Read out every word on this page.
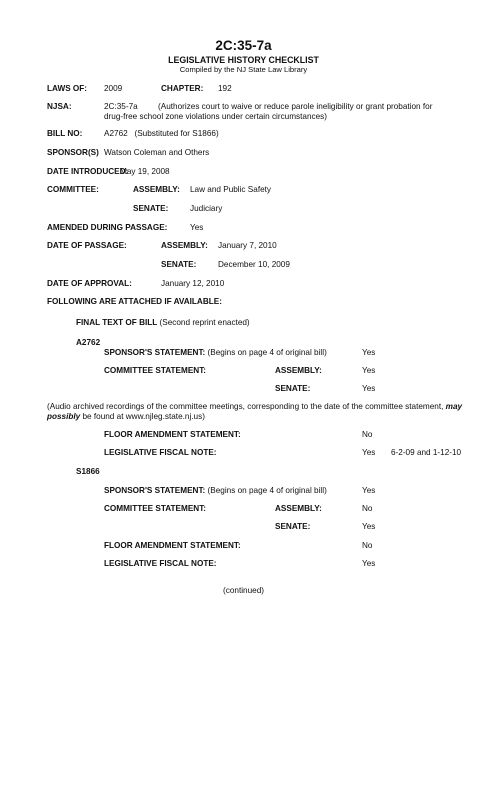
2C:35-7a
LEGISLATIVE HISTORY CHECKLIST
Compiled by the NJ State Law Library
LAWS OF: 2009	CHAPTER: 192
NJSA:	2C:35-7a	(Authorizes court to waive or reduce parole ineligibility or grant probation for drug-free school zone violations under certain circumstances)
BILL NO:	A2762   (Substituted for S1866)
SPONSOR(S) Watson Coleman and Others
DATE INTRODUCED:
May 19, 2008
COMMITTEE:	ASSEMBLY: Law and Public Safety
SENATE:	Judiciary
AMENDED DURING PASSAGE:	Yes
DATE OF PASSAGE:	ASSEMBLY: January 7, 2010
SENATE:	December 10, 2009
DATE OF APPROVAL:	January 12, 2010
FOLLOWING ARE ATTACHED IF AVAILABLE:
FINAL TEXT OF BILL (Second reprint enacted)
A2762
SPONSOR'S STATEMENT: (Begins on page 4 of original bill)	Yes
COMMITTEE STATEMENT:	ASSEMBLY:	Yes
SENATE:	Yes
(Audio archived recordings of the committee meetings, corresponding to the date of the committee statement, may possibly be found at www.njleg.state.nj.us)
FLOOR AMENDMENT STATEMENT:	No
LEGISLATIVE FISCAL NOTE:	Yes 6-2-09 and 1-12-10
S1866
SPONSOR'S STATEMENT: (Begins on page 4 of original bill)	Yes
COMMITTEE STATEMENT:	ASSEMBLY:	No
SENATE:	Yes
FLOOR AMENDMENT STATEMENT:	No
LEGISLATIVE FISCAL NOTE:	Yes
(continued)
